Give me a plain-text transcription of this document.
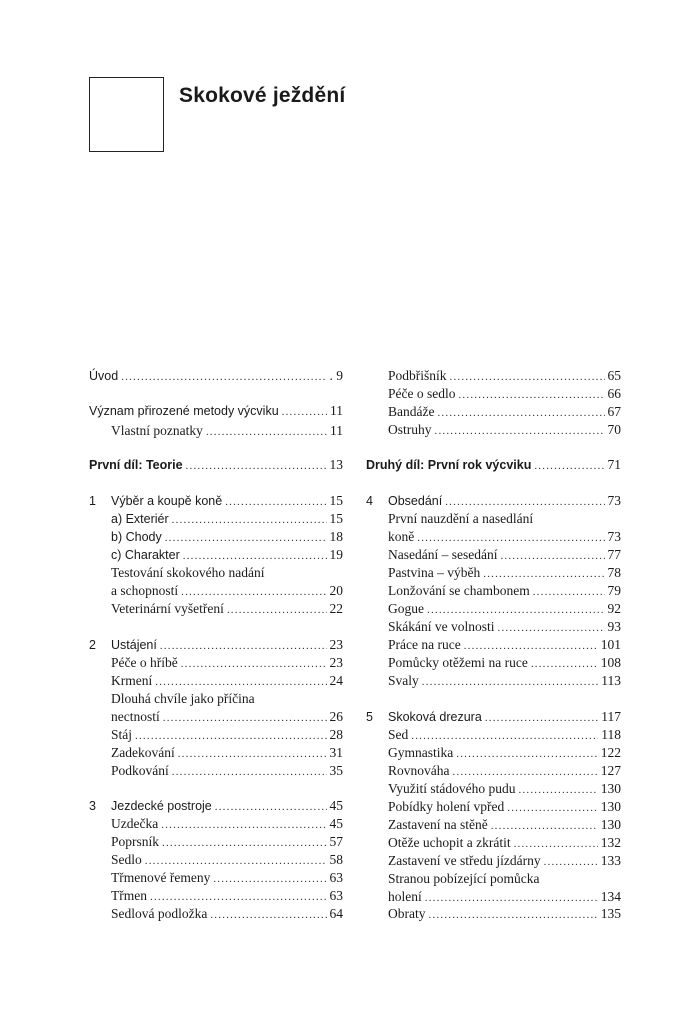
Skokové ježdění
Úvod .....	. 9
Význam přirozené metody výcviku .....	11
Vlastní poznatky .....	11
První díl: Teorie .....	13
1	Výběr a koupě koně .....	15
a) Exteriér .....	15
b) Chody .....	18
c) Charakter .....	19
Testování skokového nadání
a schopností .....	20
Veterinární vyšetření .....	22
2	Ustájení .....	23
Péče o hříbě .....	23
Krmení .....	24
Dlouhá chvíle jako příčina
nectností .....	26
Stáj .....	28
Zadekování .....	31
Podkování .....	35
3	Jezdecké postroje .....	45
Uzdečka .....	45
Poprsník .....	57
Sedlo .....	58
Třmenové řemeny .....	63
Třmen .....	63
Sedlová podložka .....	64
Podbřišník .....	65
Péče o sedlo .....	66
Bandáže .....	67
Ostruhy .....	70
Druhý díl: První rok výcviku .....	71
4	Obsedání .....	73
První nauzdění a nasedlání
koně .....	73
Nasedání – sesedání .....	77
Pastvina – výběh .....	78
Lonžování se chambonem .....	79
Gogue .....	92
Skákání ve volnosti .....	93
Práce na ruce .....	101
Pomůcky otěžemi na ruce .....	108
Svaly .....	113
5	Skoková drezura .....	117
Sed .....	118
Gymnastika .....	122
Rovnováha .....	127
Využití stádového pudu .....	130
Pobídky holení vpřed .....	130
Zastavení na stěně .....	130
Otěže uchopit a zkrátit .....	132
Zastavení ve středu jízdárny .....	133
Stranou pobízející pomůcka
holení .....	134
Obraty .....	135
